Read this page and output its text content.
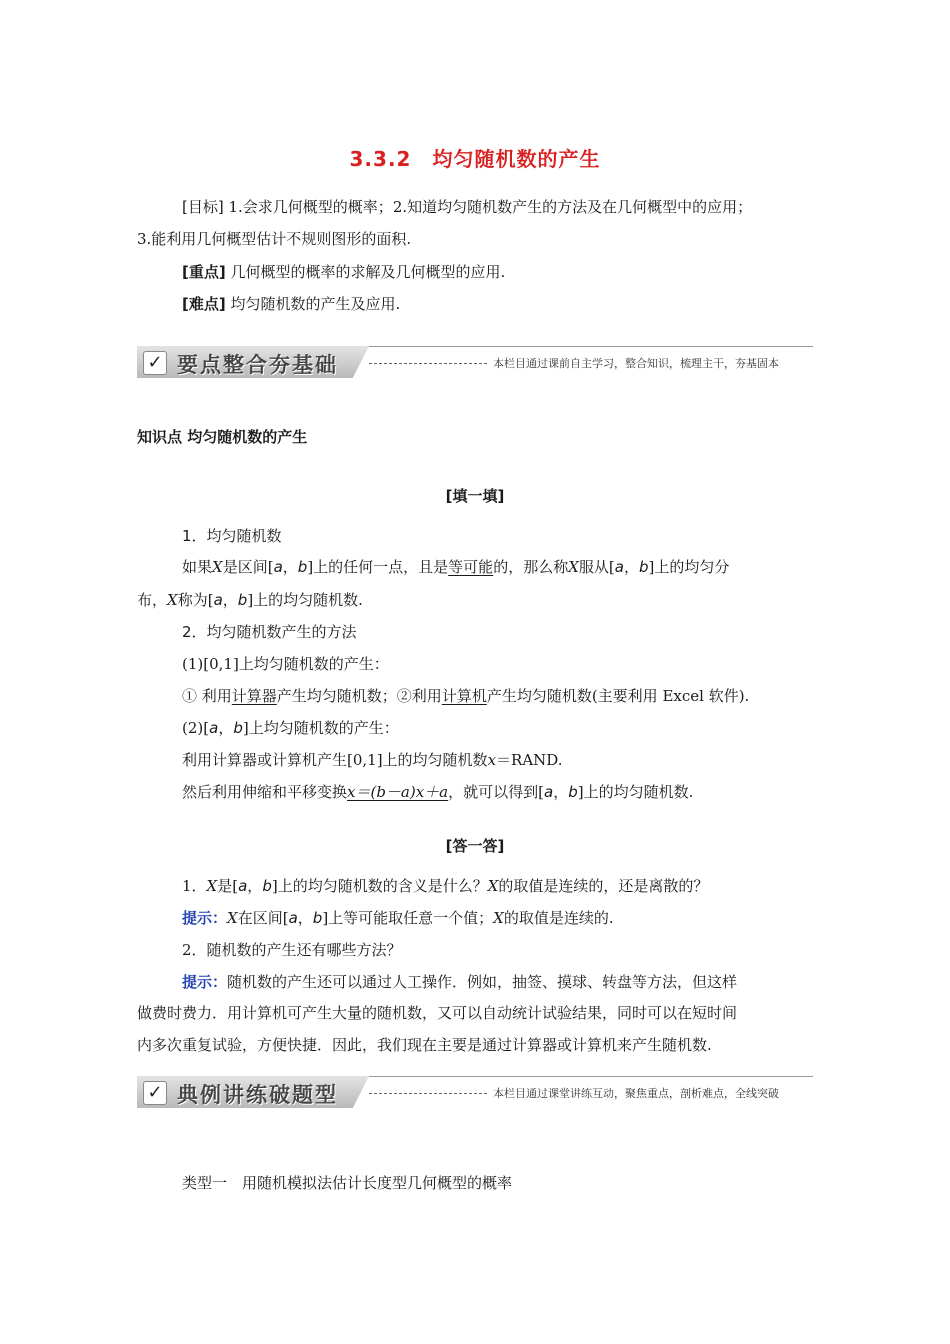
3.3.2　均匀随机数的产生
[目标] 1.会求几何概型的概率；2.知道均匀随机数产生的方法及在几何概型中的应用；
3.能利用几何概型估计不规则图形的面积.
[重点] 几何概型的概率的求解及几何概型的应用.
[难点] 均匀随机数的产生及应用.
✓ 要点整合夯基础	本栏目通过课前自主学习，整合知识，梳理主干，夯基固本
知识点 均匀随机数的产生
[填一填]
1．均匀随机数
如果X是区间[a，b]上的任何一点，且是等可能的，那么称X服从[a，b]上的均匀分
布，X称为[a，b]上的均匀随机数.
2．均匀随机数产生的方法
(1)[0,1]上均匀随机数的产生：
① 利用计算器产生均匀随机数；②利用计算机产生均匀随机数(主要利用 Excel 软件).
(2)[a，b]上均匀随机数的产生：
利用计算器或计算机产生[0,1]上的均匀随机数x＝RAND.
然后利用伸缩和平移变换x＝(b－a)x＋a，就可以得到[a，b]上的均匀随机数.
[答一答]
1．X是[a，b]上的均匀随机数的含义是什么？X的取值是连续的，还是离散的？
提示：X在区间[a，b]上等可能取任意一个值；X的取值是连续的.
2．随机数的产生还有哪些方法？
提示：随机数的产生还可以通过人工操作．例如，抽签、摸球、转盘等方法，但这样
做费时费力．用计算机可产生大量的随机数，又可以自动统计试验结果，同时可以在短时间
内多次重复试验，方便快捷．因此，我们现在主要是通过计算器或计算机来产生随机数.
✓ 典例讲练破题型	本栏目通过课堂讲练互动，聚焦重点，剖析难点，全线突破
类型一　用随机模拟法估计长度型几何概型的概率
